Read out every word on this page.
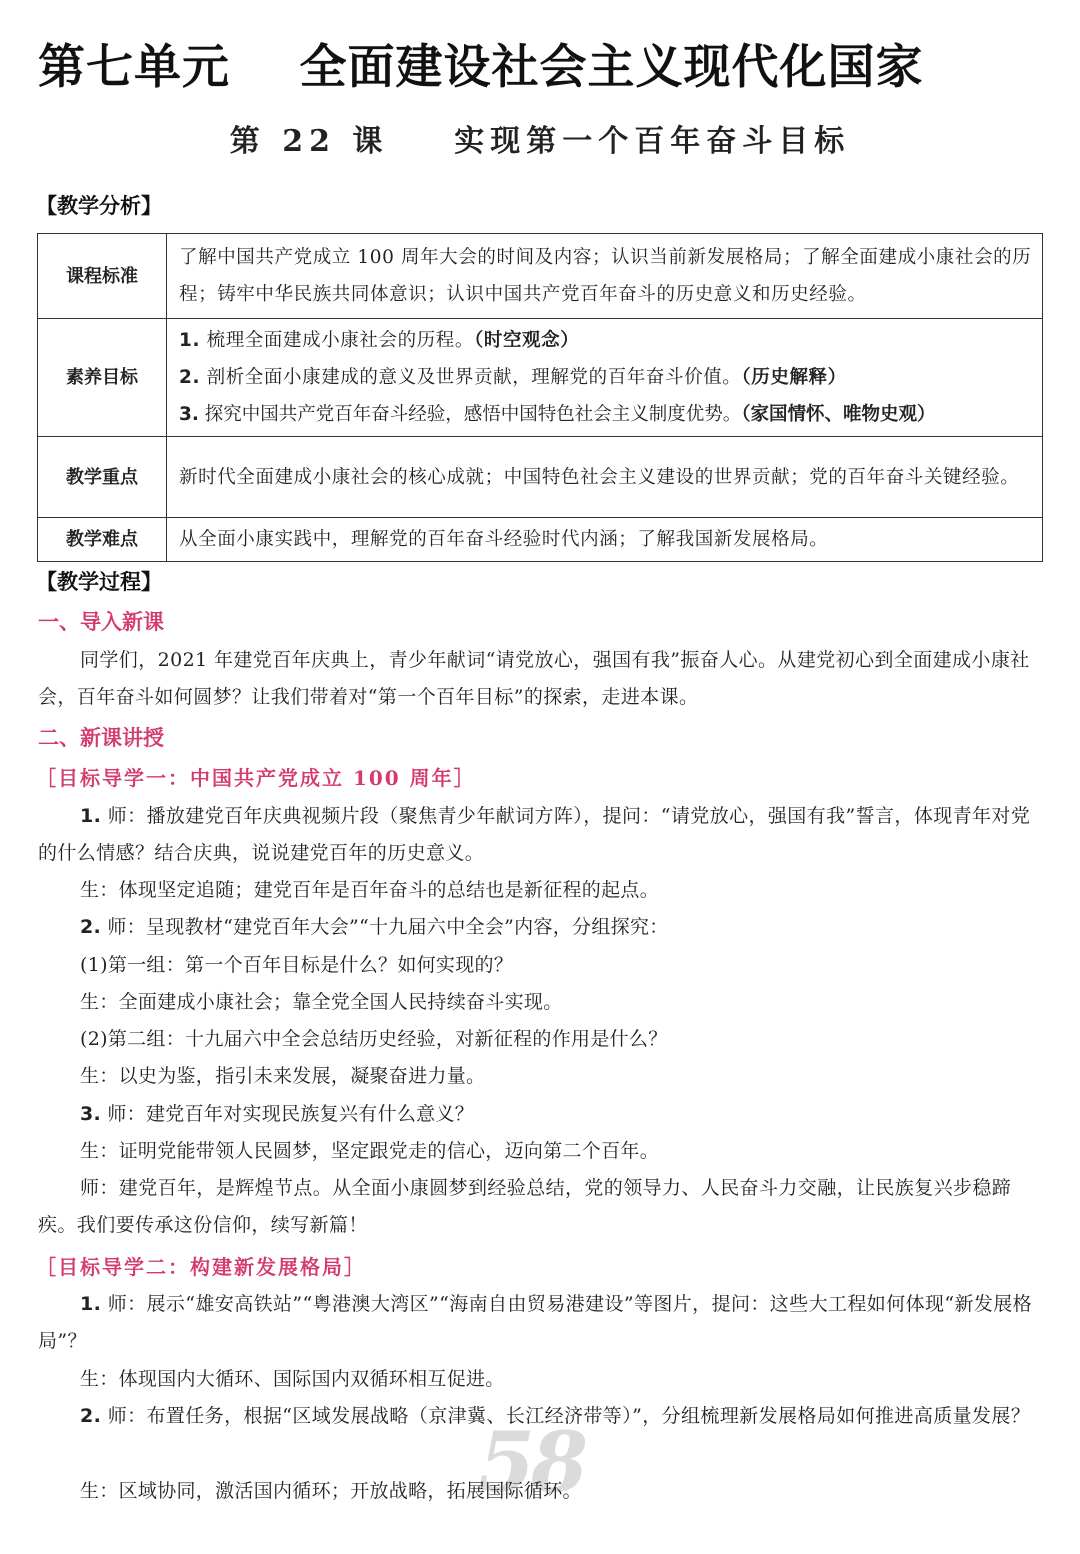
第七单元    全面建设社会主义现代化国家
第 22 课    实现第一个百年奋斗目标
【教学分析】
课程标准	了解中国共产党成立 100 周年大会的时间及内容；认识当前新发展格局；了解全面建成小康社会的历程；铸牢中华民族共同体意识；认识中国共产党百年奋斗的历史意义和历史经验。
素养目标	1. 梳理全面建成小康社会的历程。（时空观念）
2. 剖析全面小康建成的意义及世界贡献，理解党的百年奋斗价值。（历史解释）
3. 探究中国共产党百年奋斗经验，感悟中国特色社会主义制度优势。（家国情怀、唯物史观）

教学重点	新时代全面建成小康社会的核心成就；中国特色社会主义建设的世界贡献；党的百年奋斗关键经验。
教学难点	从全面小康实践中，理解党的百年奋斗经验时代内涵；了解我国新发展格局。
【教学过程】
一、导入新课
同学们，2021 年建党百年庆典上，青少年献词“请党放心，强国有我”振奋人心。从建党初心到全面建成小康社会，百年奋斗如何圆梦？让我们带着对“第一个百年目标”的探索，走进本课。
二、新课讲授
［目标导学一：中国共产党成立 100 周年］
1. 师：播放建党百年庆典视频片段（聚焦青少年献词方阵），提问：“请党放心，强国有我”誓言，体现青年对党的什么情感？结合庆典，说说建党百年的历史意义。
生：体现坚定追随；建党百年是百年奋斗的总结也是新征程的起点。
2. 师：呈现教材“建党百年大会”“十九届六中全会”内容，分组探究：
(1)第一组：第一个百年目标是什么？如何实现的？
生：全面建成小康社会；靠全党全国人民持续奋斗实现。
(2)第二组：十九届六中全会总结历史经验，对新征程的作用是什么？
生：以史为鉴，指引未来发展，凝聚奋进力量。
3. 师：建党百年对实现民族复兴有什么意义？
生：证明党能带领人民圆梦，坚定跟党走的信心，迈向第二个百年。
师：建党百年，是辉煌节点。从全面小康圆梦到经验总结，党的领导力、人民奋斗力交融，让民族复兴步稳蹄疾。我们要传承这份信仰，续写新篇！
［目标导学二：构建新发展格局］
1. 师：展示“雄安高铁站”“粤港澳大湾区”“海南自由贸易港建设”等图片，提问：这些大工程如何体现“新发展格局”？
生：体现国内大循环、国际国内双循环相互促进。
2. 师：布置任务，根据“区域发展战略（京津冀、长江经济带等）”，分组梳理新发展格局如何推进高质量发展？
58
生：区域协同，激活国内循环；开放战略，拓展国际循环。
